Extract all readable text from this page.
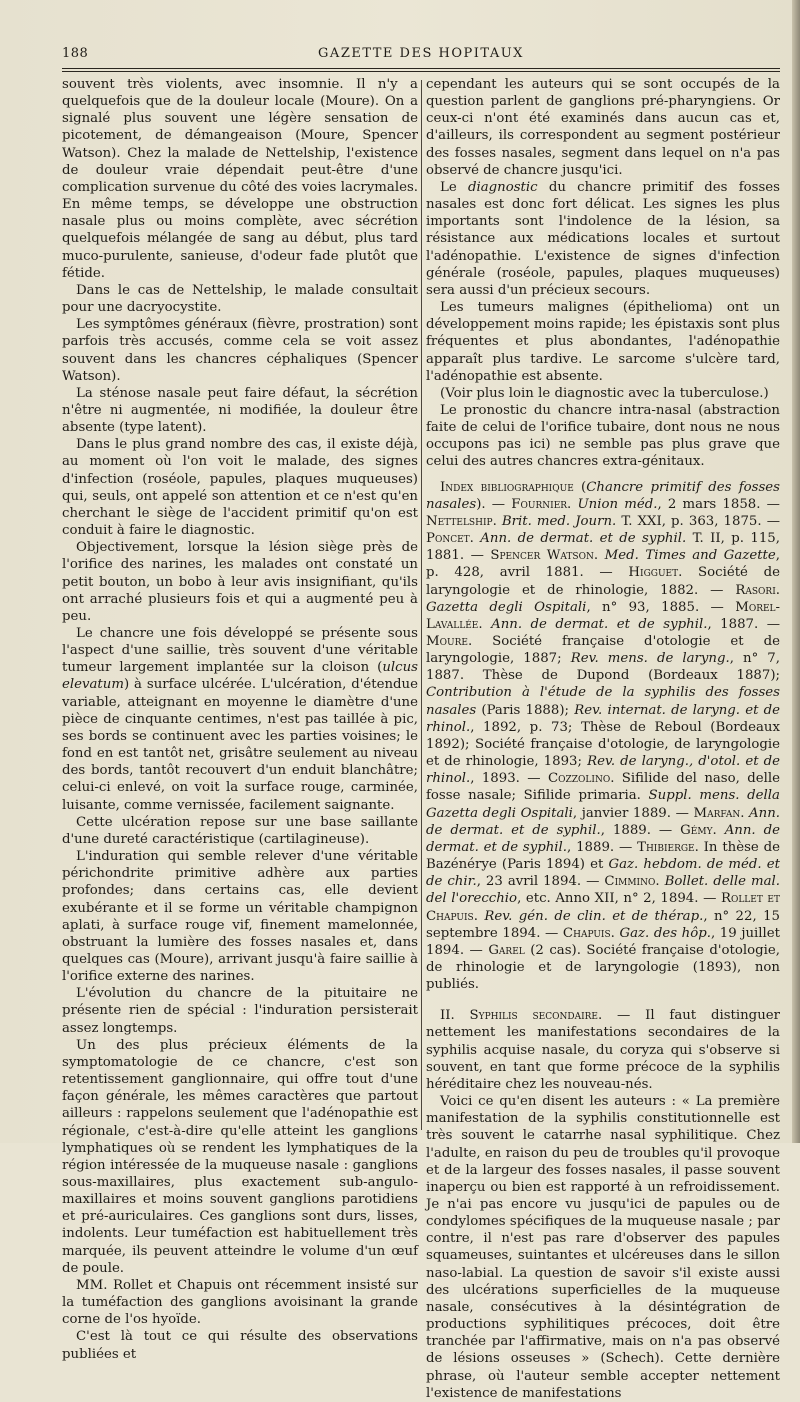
188	GAZETTE DES HOPITAUX

souvent très violents, avec insomnie. Il n'y a quelquefois que de la douleur locale (Moure). On a signalé plus souvent une légère sensation de picotement, de démangeaison (Moure, Spencer Watson). Chez la malade de Nettelship, l'existence de douleur vraie dépendait peut-être d'une complication survenue du côté des voies lacrymales. En même temps, se développe une obstruction nasale plus ou moins complète, avec sécrétion quelquefois mélangée de sang au début, plus tard muco-purulente, sanieuse, d'odeur fade plutôt que fétide.

Dans le cas de Nettelship, le malade consultait pour une dacryocystite.

Les symptômes généraux (fièvre, prostration) sont parfois très accusés, comme cela se voit assez souvent dans les chancres céphaliques (Spencer Watson).

La sténose nasale peut faire défaut, la sécrétion n'être ni augmentée, ni modifiée, la douleur être absente (type latent).

Dans le plus grand nombre des cas, il existe déjà, au moment où l'on voit le malade, des signes d'infection (roséole, papules, plaques muqueuses) qui, seuls, ont appelé son attention et ce n'est qu'en cherchant le siège de l'accident primitif qu'on est conduit à faire le diagnostic.

Objectivement, lorsque la lésion siège près de l'orifice des narines, les malades ont constaté un petit bouton, un bobo à leur avis insignifiant, qu'ils ont arraché plusieurs fois et qui a augmenté peu à peu.

Le chancre une fois développé se présente sous l'aspect d'une saillie, très souvent d'une véritable tumeur largement implantée sur la cloison (ulcus elevatum) à surface ulcérée. L'ulcération, d'étendue variable, atteignant en moyenne le diamètre d'une pièce de cinquante centimes, n'est pas taillée à pic, ses bords se continuent avec les parties voisines; le fond en est tantôt net, grisâtre seulement au niveau des bords, tantôt recouvert d'un enduit blanchâtre; celui-ci enlevé, on voit la surface rouge, carminée, luisante, comme vernissée, facilement saignante.

Cette ulcération repose sur une base saillante d'une dureté caractéristique (cartilagineuse).

L'induration qui semble relever d'une véritable périchondrite primitive adhère aux parties profondes; dans certains cas, elle devient exubérante et il se forme un véritable champignon aplati, à surface rouge vif, finement mamelonnée, obstruant la lumière des fosses nasales et, dans quelques cas (Moure), arrivant jusqu'à faire saillie à l'orifice externe des narines.

L'évolution du chancre de la pituitaire ne présente rien de spécial : l'induration persisterait assez longtemps.

Un des plus précieux éléments de la symptomatologie de ce chancre, c'est son retentissement ganglionnaire, qui offre tout d'une façon générale, les mêmes caractères que partout ailleurs : rappelons seulement que l'adénopathie est régionale, c'est-à-dire qu'elle atteint les ganglions lymphatiques où se rendent les lymphatiques de la région intéressée de la muqueuse nasale : ganglions sous-maxillaires, plus exactement sub-angulo-maxillaires et moins souvent ganglions parotidiens et pré-auriculaires. Ces ganglions sont durs, lisses, indolents. Leur tuméfaction est habituellement très marquée, ils peuvent atteindre le volume d'un œuf de poule.

MM. Rollet et Chapuis ont récemment insisté sur la tuméfaction des ganglions avoisinant la grande corne de l'os hyoïde.

C'est là tout ce qui résulte des observations publiées et

cependant les auteurs qui se sont occupés de la question parlent de ganglions pré-pharyngiens. Or ceux-ci n'ont été examinés dans aucun cas et, d'ailleurs, ils correspondent au segment postérieur des fosses nasales, segment dans lequel on n'a pas observé de chancre jusqu'ici.

Le diagnostic du chancre primitif des fosses nasales est donc fort délicat. Les signes les plus importants sont l'indolence de la lésion, sa résistance aux médications locales et surtout l'adénopathie. L'existence de signes d'infection générale (roséole, papules, plaques muqueuses) sera aussi d'un précieux secours.

Les tumeurs malignes (épithelioma) ont un développement moins rapide; les épistaxis sont plus fréquentes et plus abondantes, l'adénopathie apparaît plus tardive. Le sarcome s'ulcère tard, l'adénopathie est absente.

(Voir plus loin le diagnostic avec la tuberculose.)

Le pronostic du chancre intra-nasal (abstraction faite de celui de l'orifice tubaire, dont nous ne nous occupons pas ici) ne semble pas plus grave que celui des autres chancres extra-génitaux.

Index bibliographique (Chancre primitif des fosses nasales). — Fournier. Union méd., 2 mars 1858. — Nettelship. Brit. med. Journ. T. XXI, p. 363, 1875. — Poncet. Ann. de dermat. et de syphil. T. II, p. 115, 1881. — Spencer Watson. Med. Times and Gazette, p. 428, avril 1881. — Higguet. Société de laryngologie et de rhinologie, 1882. — Rasori. Gazetta degli Ospitali, n° 93, 1885. — Morel-Lavallée. Ann. de dermat. et de syphil., 1887. — Moure. Société française d'otologie et de laryngologie, 1887; Rev. mens. de laryng., n° 7, 1887. Thèse de Dupond (Bordeaux 1887); Contribution à l'étude de la syphilis des fosses nasales (Paris 1888); Rev. internat. de laryng. et de rhinol., 1892, p. 73; Thèse de Reboul (Bordeaux 1892); Société française d'otologie, de laryngologie et de rhinologie, 1893; Rev. de laryng., d'otol. et de rhinol., 1893. — Cozzolino. Sifilide del naso, delle fosse nasale; Sifilide primaria. Suppl. mens. della Gazetta degli Ospitali, janvier 1889. — Marfan. Ann. de dermat. et de syphil., 1889. — Gémy. Ann. de dermat. et de syphil., 1889. — Thibierge. In thèse de Bazénérye (Paris 1894) et Gaz. hebdom. de méd. et de chir., 23 avril 1894. — Cimmino. Bollet. delle mal. del l'orecchio, etc. Anno XII, n° 2, 1894. — Rollet et Chapuis. Rev. gén. de clin. et de thérap., n° 22, 15 septembre 1894. — Chapuis. Gaz. des hôp., 19 juillet 1894. — Garel (2 cas). Société française d'otologie, de rhinologie et de laryngologie (1893), non publiés.

II. Syphilis secondaire. — Il faut distinguer nettement les manifestations secondaires de la syphilis acquise nasale, du coryza qui s'observe si souvent, en tant que forme précoce de la syphilis héréditaire chez les nouveau-nés.

Voici ce qu'en disent les auteurs : « La première manifestation de la syphilis constitutionnelle est très souvent le catarrhe nasal syphilitique. Chez l'adulte, en raison du peu de troubles qu'il provoque et de la largeur des fosses nasales, il passe souvent inaperçu ou bien est rapporté à un refroidissement. Je n'ai pas encore vu jusqu'ici de papules ou de condylomes spécifiques de la muqueuse nasale ; par contre, il n'est pas rare d'observer des papules squameuses, suintantes et ulcéreuses dans le sillon naso-labial. La question de savoir s'il existe aussi des ulcérations superficielles de la muqueuse nasale, consécutives à la désintégration de productions syphilitiques précoces, doit être tranchée par l'affirmative, mais on n'a pas observé de lésions osseuses » (Schech). Cette dernière phrase, où l'auteur semble accepter nettement l'existence de manifestations
